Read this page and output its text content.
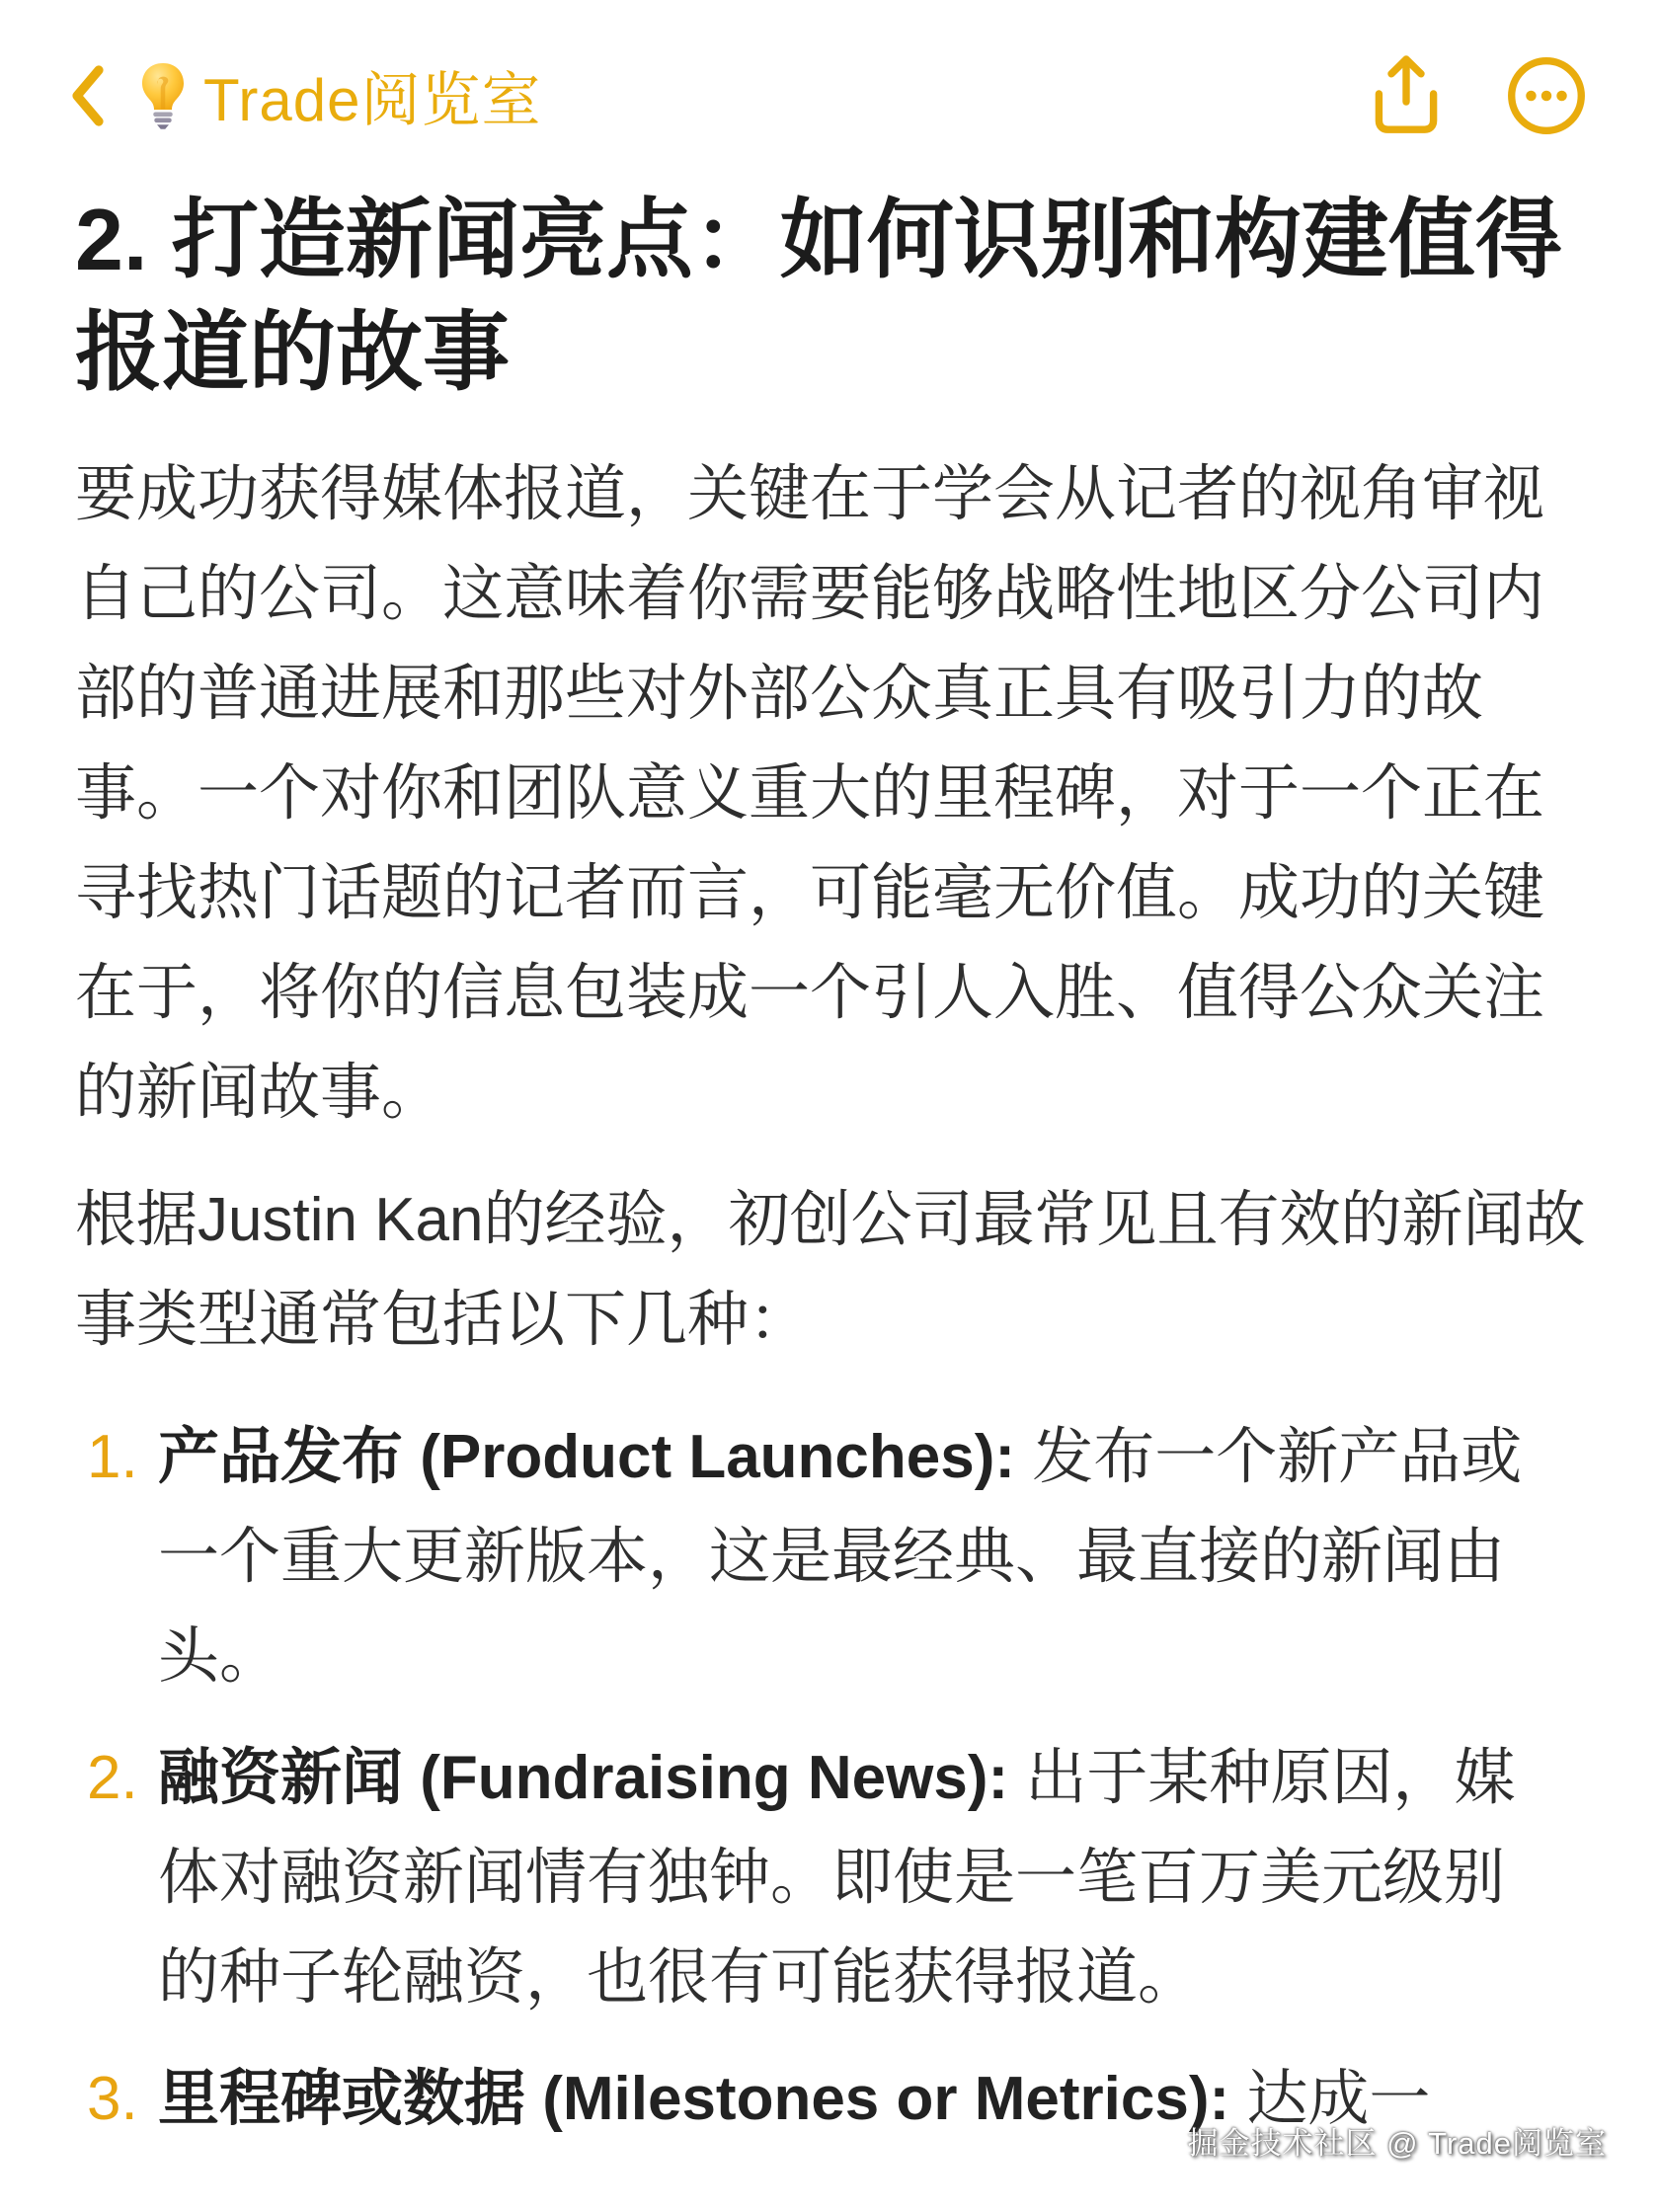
Trade阅览室
2. 打造新闻亮点：如何识别和构建值得报道的故事

要成功获得媒体报道，关键在于学会从记者的视角审视自己的公司。这意味着你需要能够战略性地区分公司内部的普通进展和那些对外部公众真正具有吸引力的故事。一个对你和团队意义重大的里程碑，对于一个正在寻找热门话题的记者而言，可能毫无价值。成功的关键在于，将你的信息包装成一个引人入胜、值得公众关注的新闻故事。

根据Justin Kan的经验，初创公司最常见且有效的新闻故事类型通常包括以下几种：

1. 产品发布 (Product Launches): 发布一个新产品或一个重大更新版本，这是最经典、最直接的新闻由头。
2. 融资新闻 (Fundraising News): 出于某种原因，媒体对融资新闻情有独钟。即使是一笔百万美元级别的种子轮融资，也很有可能获得报道。
3. 里程碑或数据 (Milestones or Metrics): 达成一
掘金技术社区 @ Trade阅览室
